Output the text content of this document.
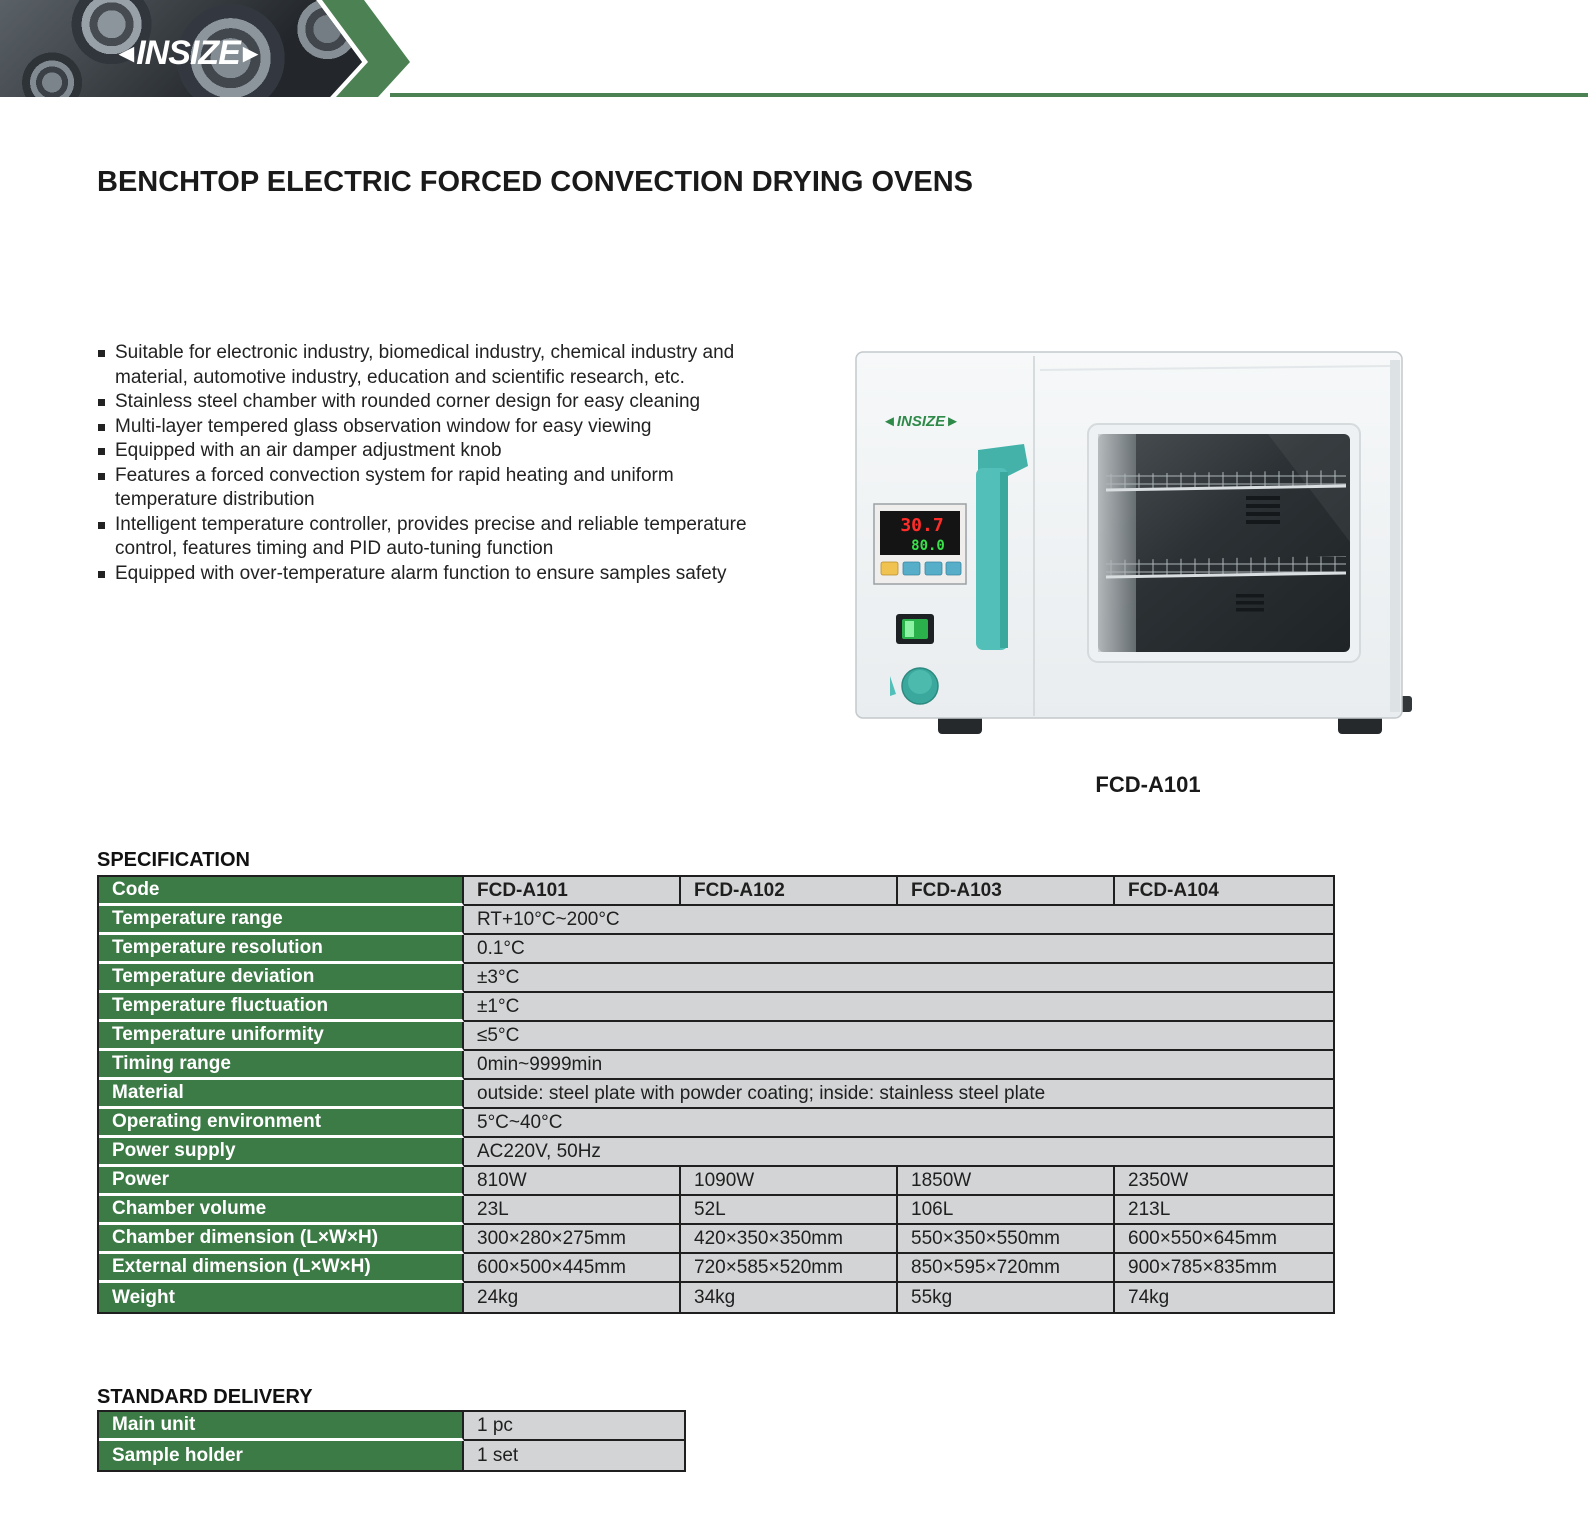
◄
INSIZE
►
BENCHTOP ELECTRIC FORCED CONVECTION DRYING OVENS
Suitable for electronic industry, biomedical industry, chemical industry and material, automotive industry, education and scientific research, etc.
Stainless steel chamber with rounded corner design for easy cleaning
Multi-layer tempered glass observation window for easy viewing
Equipped with an air damper adjustment knob
Features a forced convection system for rapid heating and uniform temperature distribution
Intelligent temperature controller, provides precise and reliable temperature control, features timing and PID auto-tuning function
Equipped with over-temperature alarm function to ensure samples safety
◄INSIZE►
30.7
80.0
FCD-A101
SPECIFICATION
Code	FCD-A101	FCD-A102	FCD-A103	FCD-A104
Temperature range	RT+10°C~200°C			
Temperature resolution	0.1°C			
Temperature deviation	±3°C			
Temperature fluctuation	±1°C			
Temperature uniformity	≤5°C			
Timing range	0min~9999min			
Material	outside: steel plate with powder coating; inside: stainless steel plate			
Operating environment	5°C~40°C			
Power supply	AC220V, 50Hz			
Power	810W	1090W	1850W	2350W
Chamber volume	23L	52L	106L	213L
Chamber dimension (L×W×H)	300×280×275mm	420×350×350mm	550×350×550mm	600×550×645mm
External dimension (L×W×H)	600×500×445mm	720×585×520mm	850×595×720mm	900×785×835mm
Weight	24kg	34kg	55kg	74kg
STANDARD DELIVERY
Main unit	1 pc
Sample holder	1 set
